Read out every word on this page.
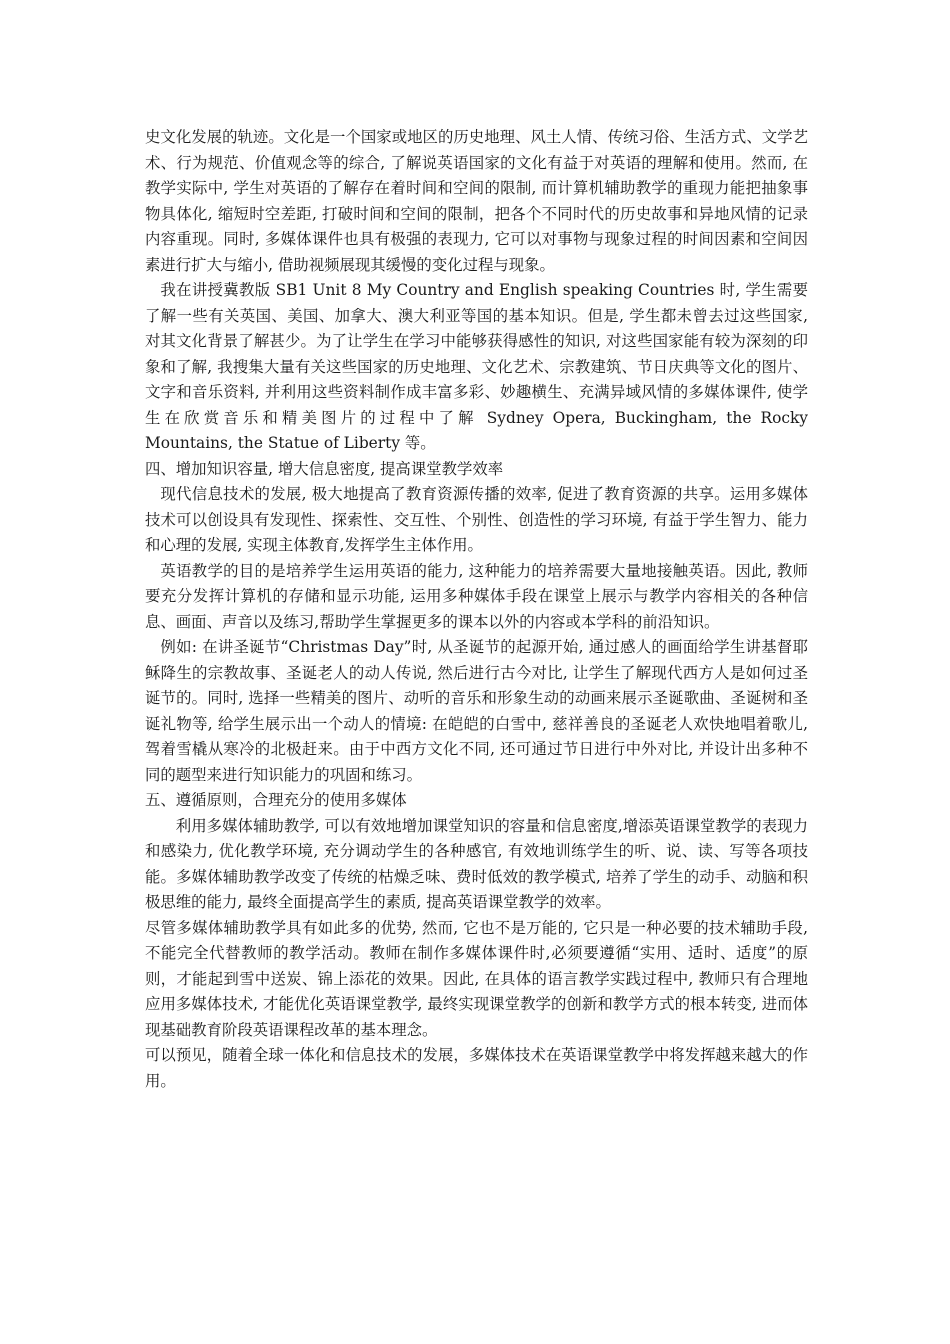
史文化发展的轨迹。文化是一个国家或地区的历史地理、风土人情、传统习俗、生活方式、文学艺术、行为规范、价值观念等的综合, 了解说英语国家的文化有益于对英语的理解和使用。然而, 在教学实际中, 学生对英语的了解存在着时间和空间的限制, 而计算机辅助教学的重现力能把抽象事物具体化, 缩短时空差距, 打破时间和空间的限制，把各个不同时代的历史故事和异地风情的记录内容重现。同时, 多媒体课件也具有极强的表现力, 它可以对事物与现象过程的时间因素和空间因素进行扩大与缩小, 借助视频展现其缓慢的变化过程与现象。

我在讲授冀教版 SB1 Unit 8 My Country and English speaking Countries 时, 学生需要了解一些有关英国、美国、加拿大、澳大利亚等国的基本知识。但是, 学生都未曾去过这些国家, 对其文化背景了解甚少。为了让学生在学习中能够获得感性的知识, 对这些国家能有较为深刻的印象和了解, 我搜集大量有关这些国家的历史地理、文化艺术、宗教建筑、节日庆典等文化的图片、文字和音乐资料, 并利用这些资料制作成丰富多彩、妙趣横生、充满异域风情的多媒体课件, 使学生在欣赏音乐和精美图片的过程中了解 Sydney Opera, Buckingham, the Rocky Mountains, the Statue of Liberty 等。

四、增加知识容量, 增大信息密度, 提高课堂教学效率

现代信息技术的发展, 极大地提高了教育资源传播的效率, 促进了教育资源的共享。运用多媒体技术可以创设具有发现性、探索性、交互性、个别性、创造性的学习环境, 有益于学生智力、能力和心理的发展, 实现主体教育,发挥学生主体作用。

英语教学的目的是培养学生运用英语的能力, 这种能力的培养需要大量地接触英语。因此, 教师要充分发挥计算机的存储和显示功能, 运用多种媒体手段在课堂上展示与教学内容相关的各种信息、画面、声音以及练习,帮助学生掌握更多的课本以外的内容或本学科的前沿知识。

例如: 在讲圣诞节“Christmas Day”时, 从圣诞节的起源开始, 通过感人的画面给学生讲基督耶稣降生的宗教故事、圣诞老人的动人传说, 然后进行古今对比, 让学生了解现代西方人是如何过圣诞节的。同时, 选择一些精美的图片、动听的音乐和形象生动的动画来展示圣诞歌曲、圣诞树和圣诞礼物等, 给学生展示出一个动人的情境: 在皑皑的白雪中, 慈祥善良的圣诞老人欢快地唱着歌儿, 驾着雪橇从寒冷的北极赶来。由于中西方文化不同, 还可通过节日进行中外对比, 并设计出多种不同的题型来进行知识能力的巩固和练习。

五、遵循原则，合理充分的使用多媒体

利用多媒体辅助教学, 可以有效地增加课堂知识的容量和信息密度,增添英语课堂教学的表现力和感染力, 优化教学环境, 充分调动学生的各种感官, 有效地训练学生的听、说、读、写等各项技能。多媒体辅助教学改变了传统的枯燥乏味、费时低效的教学模式, 培养了学生的动手、动脑和积极思维的能力, 最终全面提高学生的素质, 提高英语课堂教学的效率。

尽管多媒体辅助教学具有如此多的优势, 然而, 它也不是万能的, 它只是一种必要的技术辅助手段, 不能完全代替教师的教学活动。教师在制作多媒体课件时,必须要遵循“实用、适时、适度”的原则，才能起到雪中送炭、锦上添花的效果。因此, 在具体的语言教学实践过程中, 教师只有合理地应用多媒体技术, 才能优化英语课堂教学, 最终实现课堂教学的创新和教学方式的根本转变, 进而体现基础教育阶段英语课程改革的基本理念。

可以预见，随着全球一体化和信息技术的发展，多媒体技术在英语课堂教学中将发挥越来越大的作用。
